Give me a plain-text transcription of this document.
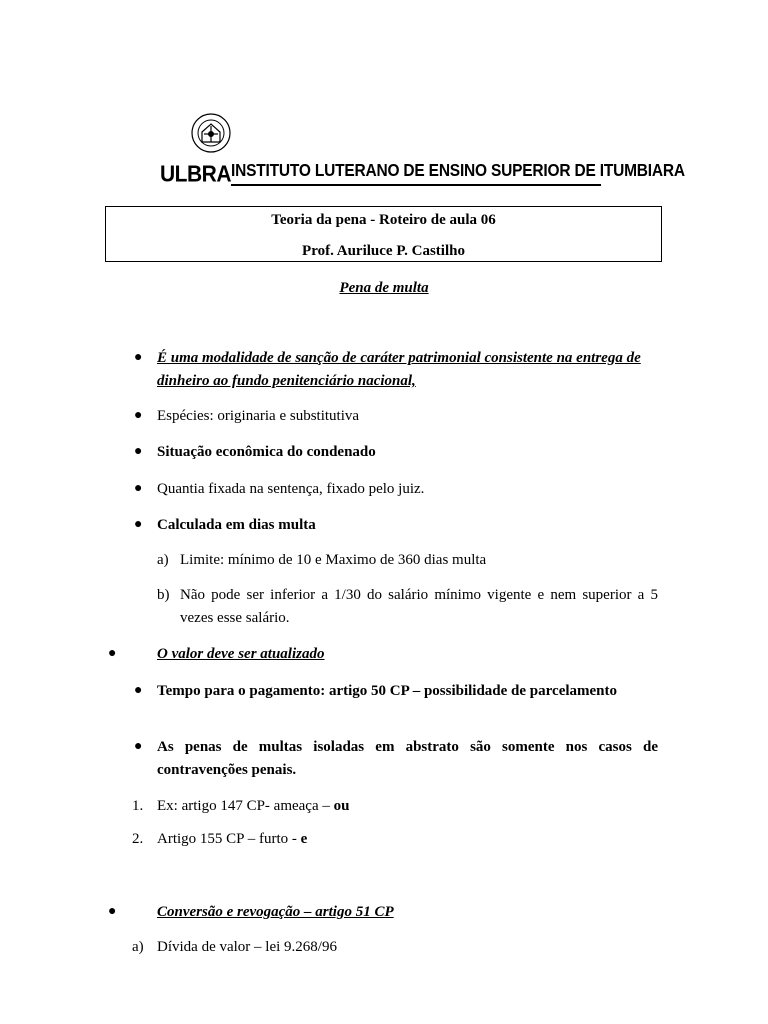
ULBRA INSTITUTO LUTERANO DE ENSINO SUPERIOR DE ITUMBIARA
Teoria da pena - Roteiro de aula 06
Prof. Auriluce P. Castilho
Pena de multa
● É uma modalidade de sanção de caráter patrimonial consistente na entrega de dinheiro ao fundo penitenciário nacional,
● Espécies: originaria e substitutiva
● Situação econômica do condenado
● Quantia fixada na sentença, fixado pelo juiz.
● Calculada em dias multa
a) Limite: mínimo de 10 e Maximo de 360 dias multa
b) Não pode ser inferior a 1/30 do salário mínimo vigente e nem superior a 5 vezes esse salário.
●	O valor deve ser atualizado
● Tempo para o pagamento: artigo 50 CP – possibilidade de parcelamento
● As penas de multas isoladas em abstrato são somente nos casos de contravenções penais.
1. Ex: artigo 147 CP- ameaça – ou
2. Artigo 155 CP – furto - e
●	Conversão e revogação – artigo 51 CP
a) Dívida de valor – lei 9.268/96
